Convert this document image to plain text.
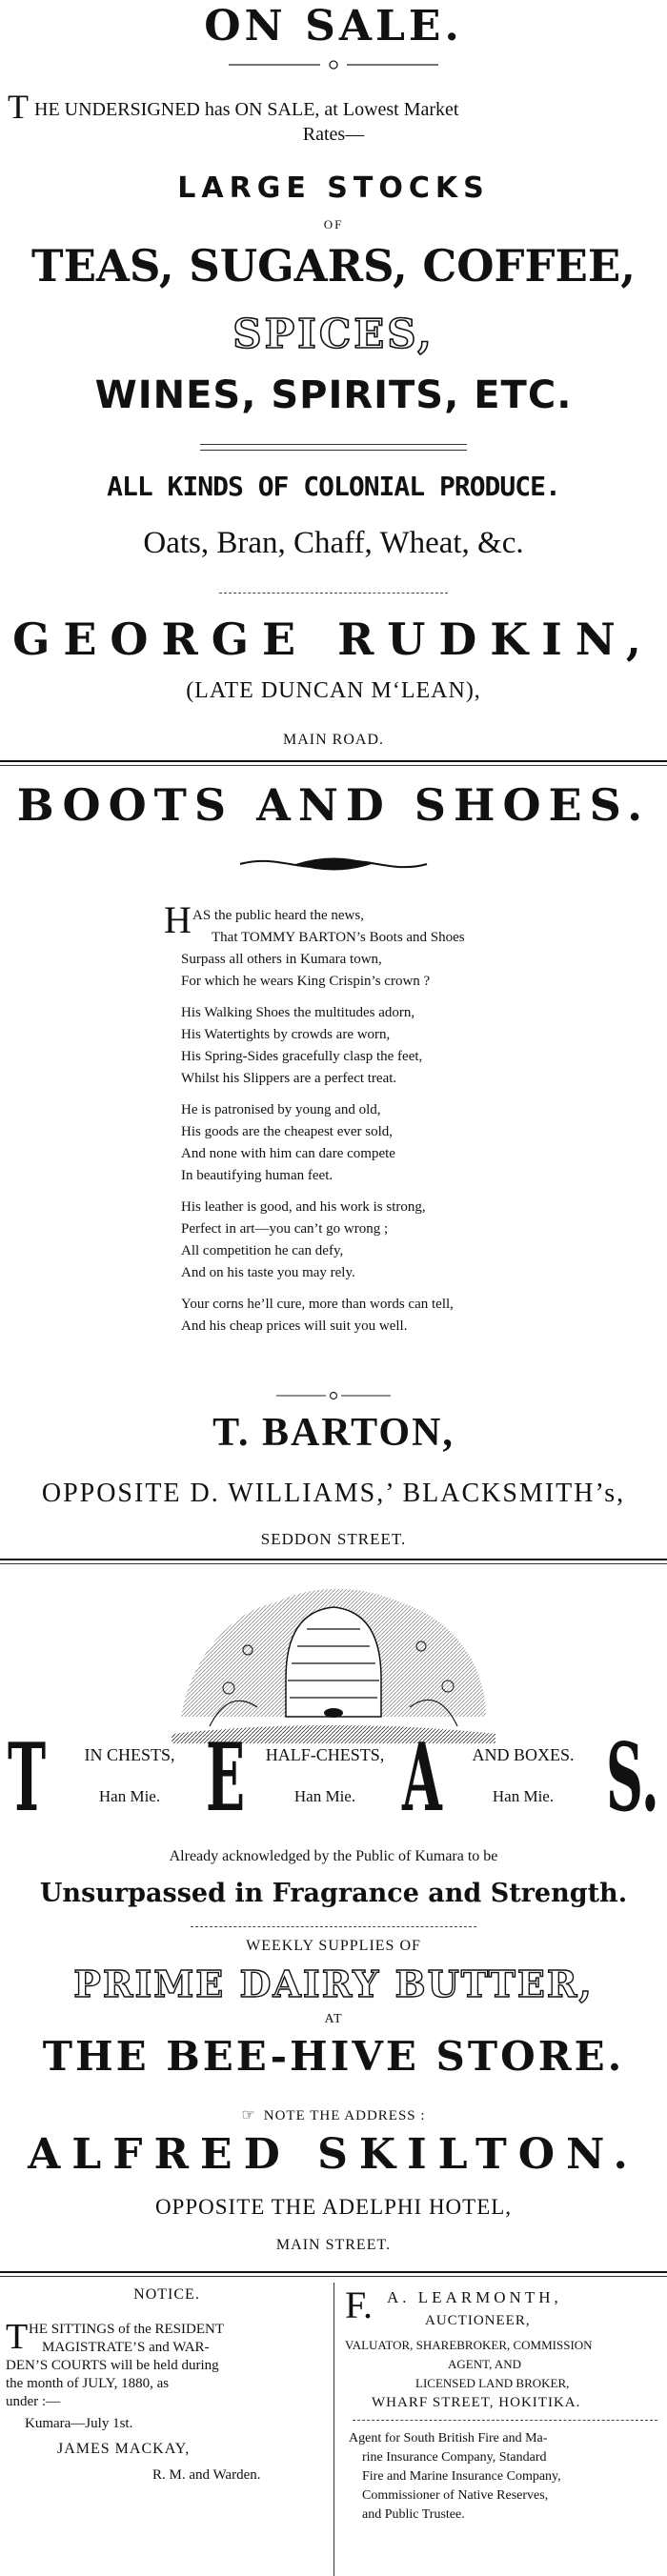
ON SALE.
T HE UNDERSIGNED has ON SALE, at Lowest Market
Rates—
LARGE STOCKS
OF
TEAS, SUGARS, COFFEE,
SPICES,
WINES, SPIRITS, ETC.
ALL KINDS OF COLONIAL PRODUCE.
Oats, Bran, Chaff, Wheat, &c.
GEORGE RUDKIN,
(LATE DUNCAN M‘LEAN),
MAIN ROAD.
BOOTS AND SHOES.
H AS the public heard the news,
That TOMMY BARTON’s Boots and Shoes
Surpass all others in Kumara town,
For which he wears King Crispin’s crown ?
His Walking Shoes the multitudes adorn,
His Watertights by crowds are worn,
His Spring-Sides gracefully clasp the feet,
Whilst his Slippers are a perfect treat.
He is patronised by young and old,
His goods are the cheapest ever sold,
And none with him can dare compete
In beautifying human feet.
His leather is good, and his work is strong,
Perfect in art—you can’t go wrong ;
All competition he can defy,
And on his taste you may rely.
Your corns he’ll cure, more than words can tell,
And his cheap prices will suit you well.
T. BARTON,
OPPOSITE D. WILLIAMS,’ BLACKSMITH’s,
SEDDON STREET.
T E A S.
IN CHESTS,
Han Mie.
HALF-CHESTS,
Han Mie.
AND BOXES.
Han Mie.
Already acknowledged by the Public of Kumara to be
Unsurpassed in Fragrance and Strength.
WEEKLY SUPPLIES OF
PRIME DAIRY BUTTER,
AT
THE BEE-HIVE STORE.
☞ NOTE THE ADDRESS :
ALFRED SKILTON.
OPPOSITE THE ADELPHI HOTEL,
MAIN STREET.
NOTICE.
T HE SITTINGS of the RESIDENT
MAGISTRATE’S and WAR-
DEN’S COURTS will be held during
the month of JULY, 1880, as
under :—
Kumara—July 1st.
JAMES MACKAY,
R. M. and Warden.
F. A. LEARMONTH,
AUCTIONEER,
VALUATOR, SHAREBROKER, COMMISSION
AGENT, AND
LICENSED LAND BROKER,
WHARF STREET, HOKITIKA.
Agent for South British Fire and Ma-
rine Insurance Company, Standard
Fire and Marine Insurance Company,
Commissioner of Native Reserves,
and Public Trustee.
